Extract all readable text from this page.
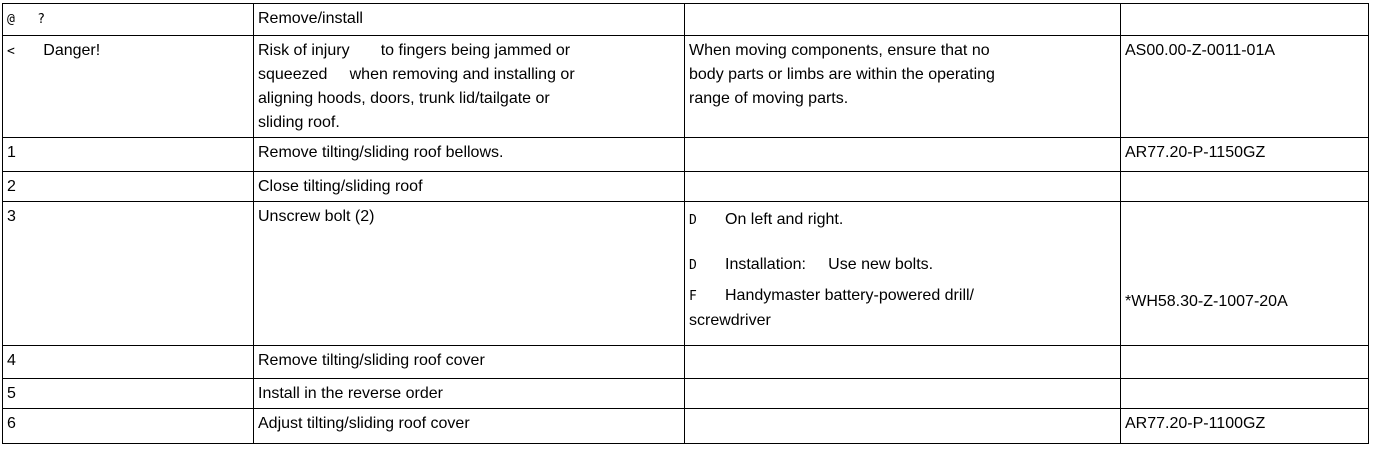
@ ?	Remove/install		
< Danger!	Risk of injury to fingers being jammed or
squeezed when removing and installing or
aligning hoods, doors, trunk lid/tailgate or
sliding roof.	When moving components, ensure that no
body parts or limbs are within the operating
range of moving parts.	AS00.00-Z-0011-01A
1	Remove tilting/sliding roof bellows.		AR77.20-P-1150GZ
2	Close tilting/sliding roof		
3	Unscrew bolt (2)	D On left and right.
D Installation: Use new bolts.
F Handymaster battery-powered drill/
screwdriver	*WH58.30-Z-1007-20A
4	Remove tilting/sliding roof cover		
5	Install in the reverse order		
6	Adjust tilting/sliding roof cover		AR77.20-P-1100GZ
